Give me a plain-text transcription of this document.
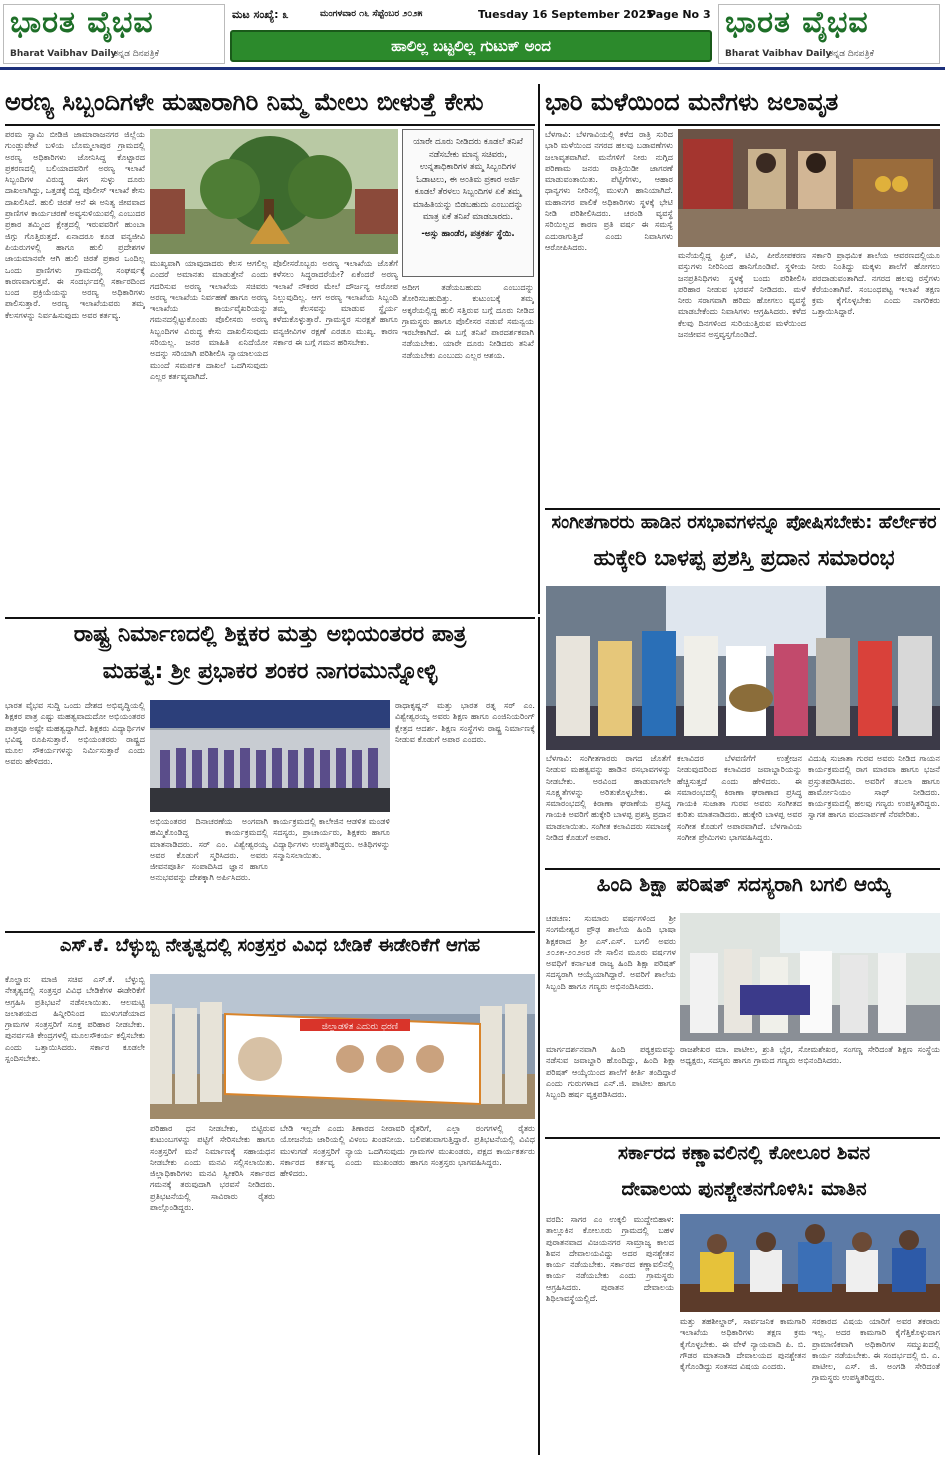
ಭಾರತ ವೈಭವ
Bharat Vaibhav Daily
ಕನ್ನಡ ದಿನಪತ್ರಿಕೆ
ಮಟ ಸಂಖ್ಯೆ: ೩	ಮಂಗಳವಾರ ೧೬ ಸೆಪ್ಟೆಂಬರ ೨೦೨೫	Tuesday 16 September 2025
Page No 3
ಹಾಲಿಲ್ಲ ಬಟ್ಟಲಿಲ್ಲ ಗುಟುಕ್ ಅಂದ
ಭಾರತ ವೈಭವ
Bharat Vaibhav Daily
ಕನ್ನಡ ದಿನಪತ್ರಿಕೆ
ಅರಣ್ಯ ಸಿಬ್ಬಂದಿಗಳೇ ಹುಷಾರಾಗಿರಿ ನಿಮ್ಮ ಮೇಲು ಬೀಳುತ್ತೆ ಕೇಸು
ಪರಮ ಸ್ವಾಮಿ ಬೀಡಿಜಿ ಜಾಮಾರಾಜನಗರ ಜಿಲ್ಲೆಯ ಗುಂಡ್ಲುಪೇಟೆ ಬಳಿಯ ಬೊಮ್ಮಲಾಪುರ ಗ್ರಾಮದಲ್ಲಿ ಅರಣ್ಯ ಅಧಿಕಾರಿಗಳು ಜೋನಿಸಿದ್ದ ಕೊಟ್ಟಾರದ ಪ್ರಕರಣದಲ್ಲಿ ಬಲಿಯಾದವರಿಗೆ ಅರಣ್ಯ ಇಲಾಖೆ ಸಿಬ್ಬಂದಿಗಳ ವಿರುದ್ಧ ಈಗ ಸುಳ್ಳು ದೂರು ದಾಖಲಾಗಿದ್ದು, ಒತ್ತಡಕ್ಕೆ ಬಿದ್ದ ಪೊಲೀಸ್ ಇಲಾಖೆ ಕೇಸು ದಾಖಲಿಸಿದೆ. ಹುಲಿ ಚಿರತೆ ಆನೆ ಈ ಅನಿತ್ಯ ಜೀವವಾದ ಪ್ರಾಣಿಗಳ ಕಾರ್ಯಚರಣೆ ಅವ್ಯಸುಳಿಯುವಲ್ಲಿ ಎಂಬುದರ ಪ್ರಕಾರ ತಮ್ಮಿಂದ ಕ್ಷೇತ್ರದಲ್ಲಿ ಇರುವವರಿಗೆ ಹುಂಬಾ ಜಿಗ್ಗು ಗೊತ್ತಿರುತ್ತದೆ. ಏನಾದರೂ ಕೂಡ ವನ್ಯಜೀವಿ ಪಿಯರುಗಳಲ್ಲಿ ಹಾಗೂ ಹುಲಿ ಪ್ರದೇಶಗಳ ಜಾಯಮಾನವೇ ಆಗಿ ಹುಲಿ ಚಿರತೆ ಪ್ರಕಾರ ಒಂದಿಲ್ಲ ಒಂದು ಪ್ರಾಣಿಗಳು ಗ್ರಾಮದಲ್ಲಿ ಸಂಘರ್ಷಕ್ಕೆ ಕಾರಣವಾಗುತ್ತವೆ. ಈ ಸಂದರ್ಭದಲ್ಲಿ ಸರ್ಕಾರದಿಂದ ಬಂದ ಪ್ರಕ್ರಿಯೆಯನ್ನು ಅರಣ್ಯ ಅಧಿಕಾರಿಗಳು ಪಾಲಿಸುತ್ತಾರೆ. ಅರಣ್ಯ ಇಲಾಖೆಯವರು ತಮ್ಮ ಕೆಲಸಗಳನ್ನು ನಿರ್ವಹಿಸುವುದು ಅವರ ಕರ್ತವ್ಯ.
ಯಾರೇ ದೂರು ನೀಡಿದರು ಕೂಡಲೆ ತನಿಖೆ ನಡೆಸಬೇಕು ಮಾನ್ಯ ಸಚಿವರು, ಉನ್ನತಾಧಿಕಾರಿಗಳ ತಮ್ಮ ಸಿಬ್ಬಂದಿಗಳ ಓಡಾಟಲು, ಈ ಅಂತಿಮ ಪ್ರಕಾರ ಅರ್ಜಿ ಕೂಡಲೆ ತೆರಳಲು ಸಿಬ್ಬಂದಿಗಳ ಏಕೆ ತಮ್ಮ ಮಾಹಿತಿಯನ್ನು ಬಿಡಬಹುದು ಎಂಬುದನ್ನು ಮಾತ್ರ ಏಕೆ ತನಿಖೆ ಮಾಡಬಾರದು.
-ಅಸ್ಸು ಹಾಂಡೆರ, ಪತ್ರಕರ್ತ ಸ್ಥೆಯಿ.
ಮುಖ್ಯವಾಗಿ ಯಾವುದಾದರು ಕೆಲಸ ಆಗಲಿಲ್ಲ ಎಂದರೆ ಅಮಾನತು ಮಾಡುತ್ತೇನೆ ಎಂದು ಗದರಿಸುವ ಅರಣ್ಯ ಇಲಾಖೆಯ ಸಚಿವರು ಅರಣ್ಯ ಇಲಾಖೆಯ ನಿರ್ವಹಣೆ ಹಾಗೂ ಅರಣ್ಯ ಇಲಾಖೆಯ ಕಾರ್ಯವೈಖರಿಯನ್ನು ಗಮನದಲ್ಲಿಟ್ಟುಕೊಂಡು ಪೊಲೀಸರು ಅರಣ್ಯ ಸಿಬ್ಬಂದಿಗಳ ವಿರುದ್ಧ ಕೇಸು ದಾಖಲಿಸುವುದು ಸರಿಯಲ್ಲ. ಜನರ ಮಾಹಿತಿ ಏನಿದೆಯೋ ಅದನ್ನು ಸರಿಯಾಗಿ ಪರಿಶೀಲಿಸಿ ನ್ಯಾಯಾಲಯದ ಮುಂದೆ ಸಮರ್ಪಕ ದಾಖಲೆ ಒದಗಿಸುವುದು ಎಲ್ಲರ ಕರ್ತವ್ಯವಾಗಿದೆ.
ಪೊಲೀಸರೊಬ್ಬರು ಅರಣ್ಯ ಇಲಾಖೆಯ ಜೊತೆಗೆ ಕಳೆಸಲು ಸಿದ್ಧರಾದರೆಯೇ? ಏಕೆಂದರೆ ಅರಣ್ಯ ಇಲಾಖೆ ನೌಕರರ ಮೇಲೆ ದೌರ್ಜನ್ಯ ಆರೋಪ ನಿಲ್ಲುವುದಿಲ್ಲ. ಆಗ ಅರಣ್ಯ ಇಲಾಖೆಯ ಸಿಬ್ಬಂದಿ ತಮ್ಮ ಕೆಲಸವನ್ನು ಮಾಡುವ ಸ್ಥೈರ್ಯ ಕಳೆದುಕೊಳ್ಳುತ್ತಾರೆ. ಗ್ರಾಮಸ್ಥರ ಸುರಕ್ಷತೆ ಹಾಗೂ ವನ್ಯಜೀವಿಗಳ ರಕ್ಷಣೆ ಎರಡೂ ಮುಖ್ಯ. ಕಾರಣ ಸರ್ಕಾರ ಈ ಬಗ್ಗೆ ಗಮನ ಹರಿಸಬೇಕು.
ಅದೀಗ ತಡೆಯಬಹುದು ಎಂಬುದನ್ನು ತೋರಿಸಬಹುದಿತ್ತು. ಕುಟುಂಬಕ್ಕೆ ತಮ್ಮ ಅಕ್ಕರೆಯಲ್ಲಿದ್ದ ಹುಲಿ ಸತ್ತಿರುವ ಬಗ್ಗೆ ದೂರು ನೀಡಿದ ಗ್ರಾಮಸ್ಥರು ಹಾಗೂ ಪೊಲೀಸರ ನಡುವೆ ಸಮನ್ವಯ ಇರಬೇಕಾಗಿದೆ. ಈ ಬಗ್ಗೆ ತನಿಖೆ ಪಾರದರ್ಶಕವಾಗಿ ನಡೆಯಬೇಕು. ಯಾರೇ ದೂರು ನೀಡಿದರು ತನಿಖೆ ನಡೆಯಬೇಕು ಎಂಬುದು ಎಲ್ಲರ ಆಶಯ.
ಭಾರಿ ಮಳೆಯಿಂದ ಮನೆಗಳು ಜಲಾವೃತ
ಬೆಳಗಾವಿ: ಬೆಳಗಾವಿಯಲ್ಲಿ ಕಳೆದ ರಾತ್ರಿ ಸುರಿದ ಭಾರಿ ಮಳೆಯಿಂದ ನಗರದ ಹಲವು ಬಡಾವಣೆಗಳು ಜಲಾವೃತವಾಗಿವೆ. ಮನೆಗಳಿಗೆ ನೀರು ನುಗ್ಗಿದ ಪರಿಣಾಮ ಜನರು ರಾತ್ರಿಯಿಡೀ ಜಾಗರಣೆ ಮಾಡುವಂತಾಯಿತು. ಪೆಟ್ಟಿಗೆಗಳು, ಆಹಾರ ಧಾನ್ಯಗಳು ನೀರಿನಲ್ಲಿ ಮುಳುಗಿ ಹಾನಿಯಾಗಿದೆ. ಮಹಾನಗರ ಪಾಲಿಕೆ ಅಧಿಕಾರಿಗಳು ಸ್ಥಳಕ್ಕೆ ಭೇಟಿ ನೀಡಿ ಪರಿಶೀಲಿಸಿದರು. ಚರಂಡಿ ವ್ಯವಸ್ಥೆ ಸರಿಯಿಲ್ಲದ ಕಾರಣ ಪ್ರತಿ ವರ್ಷ ಈ ಸಮಸ್ಯೆ ಎದುರಾಗುತ್ತಿದೆ ಎಂದು ನಿವಾಸಿಗಳು ಆರೋಪಿಸಿದರು.
ಮನೆಯಲ್ಲಿದ್ದ ಫ್ರಿಜ್, ಟಿವಿ, ಪೀಠೋಪಕರಣ ವಸ್ತುಗಳು ನೀರಿನಿಂದ ಹಾನಿಗೊಂಡಿವೆ. ಸ್ಥಳೀಯ ಜನಪ್ರತಿನಿಧಿಗಳು ಸ್ಥಳಕ್ಕೆ ಬಂದು ಪರಿಶೀಲಿಸಿ ಪರಿಹಾರ ನೀಡುವ ಭರವಸೆ ನೀಡಿದರು. ಮಳೆ ನೀರು ಸರಾಗವಾಗಿ ಹರಿದು ಹೋಗಲು ವ್ಯವಸ್ಥೆ ಮಾಡಬೇಕೆಂದು ನಿವಾಸಿಗಳು ಆಗ್ರಹಿಸಿದರು. ಕಳೆದ ಕೆಲವು ದಿನಗಳಿಂದ ಸುರಿಯುತ್ತಿರುವ ಮಳೆಯಿಂದ ಜನಜೀವನ ಅಸ್ತವ್ಯಸ್ತಗೊಂಡಿದೆ.
ಸರ್ಕಾರಿ ಪ್ರಾಥಮಿಕ ಶಾಲೆಯ ಆವರಣದಲ್ಲಿಯೂ ನೀರು ನಿಂತಿದ್ದು ಮಕ್ಕಳು ಶಾಲೆಗೆ ಹೋಗಲು ಪರದಾಡುವಂತಾಗಿದೆ. ನಗರದ ಹಲವು ರಸ್ತೆಗಳು ಕೆರೆಯಂತಾಗಿವೆ. ಸಂಬಂಧಪಟ್ಟ ಇಲಾಖೆ ತಕ್ಷಣ ಕ್ರಮ ಕೈಗೊಳ್ಳಬೇಕು ಎಂದು ನಾಗರಿಕರು ಒತ್ತಾಯಿಸಿದ್ದಾರೆ.
ಸಂಗೀತಗಾರರು ಹಾಡಿನ ರಸಭಾವಗಳನ್ನೂ ಪೋಷಿಸಬೇಕು: ಹೆರ್ಲೇಕರ
ಹುಕ್ಕೇರಿ ಬಾಳಪ್ಪ ಪ್ರಶಸ್ತಿ ಪ್ರದಾನ ಸಮಾರಂಭ
ಬೆಳಗಾವಿ: ಸಂಗೀತಗಾರರು ರಾಗದ ಜೊತೆಗೆ ನೀಡುವ ಮಹತ್ವವನ್ನು ಹಾಡಿನ ರಸಭಾವಗಳನ್ನು ನೀಡಬೇಕು. ಅರವಿಂದ ಹಾಡುವಾಗಲೇ ಸೂಕ್ಷ್ಮತೆಗಳನ್ನು ಅರಿತುಕೊಳ್ಳಬೇಕು. ಈ ಸಮಾರಂಭದಲ್ಲಿ ಕಿರಾಣಾ ಘರಾಣೆಯ ಪ್ರಸಿದ್ಧ ಗಾಯಕಿ ಅವರಿಗೆ ಹುಕ್ಕೇರಿ ಬಾಳಪ್ಪ ಪ್ರಶಸ್ತಿ ಪ್ರದಾನ ಮಾಡಲಾಯಿತು. ಸಂಗೀತ ಕಲಾವಿದರು ಸಮಾಜಕ್ಕೆ ನೀಡಿದ ಕೊಡುಗೆ ಅಪಾರ.
ಕಲಾವಿದರ ಬೆಳವಣಿಗೆಗೆ ಉತ್ತೇಜನ ನೀಡುವುದರಿಂದ ಕಲಾವಿದರ ಜವಾಬ್ದಾರಿಯನ್ನು ಹೆಚ್ಚಿಸುತ್ತದೆ ಎಂದು ಹೇಳಿದರು. ಈ ಸಮಾರಂಭದಲ್ಲಿ ಕಿರಾಣಾ ಘರಾಣಾದ ಪ್ರಸಿದ್ಧ ಗಾಯಕಿ ಸುಜಾತಾ ಗುರವ ಅವರು ಸಂಗೀತದ ಕುರಿತು ಮಾತನಾಡಿದರು. ಹುಕ್ಕೇರಿ ಬಾಳಪ್ಪ ಅವರ ಸಂಗೀತ ಕೊಡುಗೆ ಅಪಾರವಾಗಿದೆ. ಬೆಳಗಾವಿಯ ಸಂಗೀತ ಪ್ರೇಮಿಗಳು ಭಾಗವಹಿಸಿದ್ದರು.
ವಿದುಷಿ ಸುಜಾತಾ ಗುರವ ಅವರು ನೀಡಿದ ಗಾಯನ ಕಾರ್ಯಕ್ರಮದಲ್ಲಿ ರಾಗ ಮಾರವಾ ಹಾಗೂ ಭಜನೆ ಪ್ರಸ್ತುತಪಡಿಸಿದರು. ಅವರಿಗೆ ತಬಲಾ ಹಾಗೂ ಹಾರ್ಮೋನಿಯಂ ಸಾಥ್ ನೀಡಿದರು. ಕಾರ್ಯಕ್ರಮದಲ್ಲಿ ಹಲವು ಗಣ್ಯರು ಉಪಸ್ಥಿತರಿದ್ದರು. ಸ್ವಾಗತ ಹಾಗೂ ವಂದನಾರ್ಪಣೆ ನೆರವೇರಿತು.
ರಾಷ್ಟ್ರ ನಿರ್ಮಾಣದಲ್ಲಿ ಶಿಕ್ಷಕರ ಮತ್ತು ಅಭಿಯಂತರರ ಪಾತ್ರ
ಮಹತ್ವ: ಶ್ರೀ ಪ್ರಭಾಕರ ಶಂಕರ ನಾಗರಮುನ್ನೋಳ್ಳಿ
ಭಾರತ ವೈಭವ ಸುದ್ದಿ ಒಂದು ದೇಶದ ಅಭಿವೃದ್ಧಿಯಲ್ಲಿ ಶಿಕ್ಷಕರ ಪಾತ್ರ ಎಷ್ಟು ಮಹತ್ವವಾದುದೋ ಅಭಿಯಂತರರ ಪಾತ್ರವೂ ಅಷ್ಟೇ ಮಹತ್ವದ್ದಾಗಿದೆ. ಶಿಕ್ಷಕರು ವಿದ್ಯಾರ್ಥಿಗಳ ಭವಿಷ್ಯ ರೂಪಿಸುತ್ತಾರೆ. ಅಭಿಯಂತರರು ರಾಷ್ಟ್ರದ ಮೂಲ ಸೌಕರ್ಯಗಳನ್ನು ನಿರ್ಮಿಸುತ್ತಾರೆ ಎಂದು ಅವರು ಹೇಳಿದರು.
ರಾಧಾಕೃಷ್ಣನ್ ಮತ್ತು ಭಾರತ ರತ್ನ ಸರ್ ಎಂ. ವಿಶ್ವೇಶ್ವರಯ್ಯ ಅವರು ಶಿಕ್ಷಣ ಹಾಗೂ ಎಂಜಿನಿಯರಿಂಗ್ ಕ್ಷೇತ್ರದ ಆದರ್ಶ. ಶಿಕ್ಷಣ ಸಂಸ್ಥೆಗಳು ರಾಷ್ಟ್ರ ನಿರ್ಮಾಣಕ್ಕೆ ನೀಡುವ ಕೊಡುಗೆ ಅಪಾರ ಎಂದರು.
ಅಭಿಯಂತರರ ದಿನಾಚರಣೆಯ ಅಂಗವಾಗಿ ಹಮ್ಮಿಕೊಂಡಿದ್ದ ಕಾರ್ಯಕ್ರಮದಲ್ಲಿ ಮಾತನಾಡಿದರು. ಸರ್ ಎಂ. ವಿಶ್ವೇಶ್ವರಯ್ಯ ಅವರ ಕೊಡುಗೆ ಸ್ಮರಿಸಿದರು. ಅವರು ಜೀವನಪೂರ್ತಿ ಸಂಪಾದಿಸಿದ ಜ್ಞಾನ ಹಾಗೂ ಅನುಭವವನ್ನು ದೇಶಕ್ಕಾಗಿ ಅರ್ಪಿಸಿದರು.
ಕಾರ್ಯಕ್ರಮದಲ್ಲಿ ಕಾಲೇಜಿನ ಆಡಳಿತ ಮಂಡಳಿ ಸದಸ್ಯರು, ಪ್ರಾಚಾರ್ಯರು, ಶಿಕ್ಷಕರು ಹಾಗೂ ವಿದ್ಯಾರ್ಥಿಗಳು ಉಪಸ್ಥಿತರಿದ್ದರು. ಅತಿಥಿಗಳನ್ನು ಸನ್ಮಾನಿಸಲಾಯಿತು.
ಹಿಂದಿ ಶಿಕ್ಷಾ ಪರಿಷತ್ ಸದಸ್ಯರಾಗಿ ಬಗಲಿ ಆಯ್ಕೆ
ಚಡಚಣ: ಸುಮಾರು ವರ್ಷಗಳಿಂದ ಶ್ರೀ ಸಂಗಮೇಶ್ವರ ಪ್ರೌಢ ಶಾಲೆಯ ಹಿಂದಿ ಭಾಷಾ ಶಿಕ್ಷಕರಾದ ಶ್ರೀ ಎಸ್.ಎಸ್. ಬಗಲಿ ಅವರು ೨೦೨೫-೨೦೨೮ರ ನೇ ಸಾಲಿನ ಮೂರು ವರ್ಷಗಳ ಅವಧಿಗೆ ಕರ್ನಾಟಕ ರಾಜ್ಯ ಹಿಂದಿ ಶಿಕ್ಷಾ ಪರಿಷತ್ ಸದಸ್ಯರಾಗಿ ಆಯ್ಕೆಯಾಗಿದ್ದಾರೆ. ಅವರಿಗೆ ಶಾಲೆಯ ಸಿಬ್ಬಂದಿ ಹಾಗೂ ಗಣ್ಯರು ಅಭಿನಂದಿಸಿದರು.
ಮಾರ್ಗದರ್ಶನವಾಗಿ ಹಿಂದಿ ಪಠ್ಯಕ್ರಮವನ್ನು ನಡೆಸುವ ಜವಾಬ್ದಾರಿ ಹೊಂದಿದ್ದು, ಹಿಂದಿ ಶಿಕ್ಷಾ ಪರಿಷತ್ ಆಯ್ಕೆಯಿಂದ ಶಾಲೆಗೆ ಕೀರ್ತಿ ತಂದಿದ್ದಾರೆ ಎಂದು ಗುರುಗಳಾದ ಎನ್.ಜಿ. ಪಾಟೀಲ ಹಾಗೂ ಸಿಬ್ಬಂದಿ ಹರ್ಷ ವ್ಯಕ್ತಪಡಿಸಿದರು.
ರಾಜಶೇಖರ ಮಾ. ಪಾಟೀಲ, ಶ್ರುತಿ ಭೈರ, ಸೋಮಶೇಖರ, ಸಂಗಣ್ಣ ಸೇರಿದಂತೆ ಶಿಕ್ಷಣ ಸಂಸ್ಥೆಯ ಅಧ್ಯಕ್ಷರು, ಸದಸ್ಯರು ಹಾಗೂ ಗ್ರಾಮದ ಗಣ್ಯರು ಅಭಿನಂದಿಸಿದರು.
ಎಸ್.ಕೆ. ಬೆಳ್ಳುಬ್ಬಿ ನೇತೃತ್ವದಲ್ಲಿ ಸಂತ್ರಸ್ತರ ವಿವಿಧ ಬೇಡಿಕೆ ಈಡೇರಿಕೆಗೆ ಆಗಹ
ಕೊಲ್ಹಾರ: ಮಾಜಿ ಸಚಿವ ಎಸ್.ಕೆ. ಬೆಳ್ಳುಬ್ಬಿ ನೇತೃತ್ವದಲ್ಲಿ ಸಂತ್ರಸ್ತರ ವಿವಿಧ ಬೇಡಿಕೆಗಳ ಈಡೇರಿಕೆಗೆ ಆಗ್ರಹಿಸಿ ಪ್ರತಿಭಟನೆ ನಡೆಸಲಾಯಿತು. ಆಲಮಟ್ಟಿ ಜಲಾಶಯದ ಹಿನ್ನೀರಿನಿಂದ ಮುಳುಗಡೆಯಾದ ಗ್ರಾಮಗಳ ಸಂತ್ರಸ್ತರಿಗೆ ಸೂಕ್ತ ಪರಿಹಾರ ನೀಡಬೇಕು. ಪುನರ್ವಸತಿ ಕೇಂದ್ರಗಳಲ್ಲಿ ಮೂಲಸೌಕರ್ಯ ಕಲ್ಪಿಸಬೇಕು ಎಂದು ಒತ್ತಾಯಿಸಿದರು. ಸರ್ಕಾರ ಕೂಡಲೇ ಸ್ಪಂದಿಸಬೇಕು.
ಜಿಲ್ಲಾಡಳಿತ ಎದುರು ಧರಣಿ
ಪರಿಹಾರ ಧನ ನೀಡಬೇಕು, ಬಿಟ್ಟಿರುವ ಕುಟುಂಬಗಳನ್ನು ಪಟ್ಟಿಗೆ ಸೇರಿಸಬೇಕು ಹಾಗೂ ಸಂತ್ರಸ್ತರಿಗೆ ಮನೆ ನಿರ್ಮಾಣಕ್ಕೆ ಸಹಾಯಧನ ನೀಡಬೇಕು ಎಂದು ಮನವಿ ಸಲ್ಲಿಸಲಾಯಿತು. ಜಿಲ್ಲಾಧಿಕಾರಿಗಳು ಮನವಿ ಸ್ವೀಕರಿಸಿ ಸರ್ಕಾರದ ಗಮನಕ್ಕೆ ತರುವುದಾಗಿ ಭರವಸೆ ನೀಡಿದರು. ಪ್ರತಿಭಟನೆಯಲ್ಲಿ ಸಾವಿರಾರು ರೈತರು ಪಾಲ್ಗೊಂಡಿದ್ದರು.
ಬೇಡಿ ಇಲ್ಲದೇ ಎಂದು ತಿಣಾರದ ನೀರಾವರಿ ಯೋಜನೆಯ ಜಾರಿಯಲ್ಲಿ ವಿಳಂಬ ಖಂಡನೀಯ. ಮುಳುಗಡೆ ಸಂತ್ರಸ್ತರಿಗೆ ನ್ಯಾಯ ಒದಗಿಸುವುದು ಸರ್ಕಾರದ ಕರ್ತವ್ಯ ಎಂದು ಮುಖಂಡರು ಹೇಳಿದರು.
ರೈತರಿಗೆ, ಎಲ್ಲಾ ರಂಗಗಳಲ್ಲಿ ರೈತರು ಬಲಿಪಶುವಾಗುತ್ತಿದ್ದಾರೆ. ಪ್ರತಿಭಟನೆಯಲ್ಲಿ ವಿವಿಧ ಗ್ರಾಮಗಳ ಮುಖಂಡರು, ಪಕ್ಷದ ಕಾರ್ಯಕರ್ತರು ಹಾಗೂ ಸಂತ್ರಸ್ತರು ಭಾಗವಹಿಸಿದ್ದರು.	ಸರ್ಕಾರದ ಕಣ್ಣಾವಲಿನಲ್ಲಿ ಕೋಲೂರ ಶಿವನ
ದೇವಾಲಯ ಪುನಶ್ಚೇತನಗೊಳಿಸಿ: ಮಾತಿನ
ವರದಿ: ಸಾಗರ ಎಂ ಉಕ್ಕಲಿ ಮುದ್ದೇಬಿಹಾಳ: ತಾಲ್ಲೂಕಿನ ಕೋಲೂರು ಗ್ರಾಮದಲ್ಲಿ ಬಹಳ ಪುರಾತನವಾದ ವಿಜಯನಗರ ಸಾಮ್ರಾಜ್ಯ ಕಾಲದ ಶಿವನ ದೇವಾಲಯವಿದ್ದು ಅದರ ಪುನಶ್ಚೇತನ ಕಾರ್ಯ ನಡೆಯಬೇಕು. ಸರ್ಕಾರದ ಕಣ್ಣಾವಲಿನಲ್ಲಿ ಕಾರ್ಯ ನಡೆಯಬೇಕು ಎಂದು ಗ್ರಾಮಸ್ಥರು ಆಗ್ರಹಿಸಿದರು. ಪುರಾತನ ದೇವಾಲಯ ಶಿಥಿಲಾವಸ್ಥೆಯಲ್ಲಿದೆ.
ಮತ್ತು ತಹಶೀಲ್ದಾರ್, ಸಾರ್ವಜನಿಕ ಕಾಮಗಾರಿ ಇಲಾಖೆಯ ಅಧಿಕಾರಿಗಳು ತಕ್ಷಣ ಕ್ರಮ ಕೈಗೊಳ್ಳಬೇಕು. ಈ ವೇಳೆ ನ್ಯಾಯವಾದಿ ಪಿ. ಬಿ. ಗೌಡರ ಮಾತನಾಡಿ ದೇವಾಲಯದ ಪುನಶ್ಚೇತನ ಕೈಗೊಂಡಿದ್ದು ಸಂತಸದ ವಿಷಯ ಎಂದರು.
ಸರಕಾರದ ವಿಷಯ ಯಾರಿಗೆ ಅವರ ತಕರಾರು ಇಲ್ಲ. ಅದರ ಕಾಮಗಾರಿ ಕೈಗೆತ್ತಿಕೊಳ್ಳುವಾಗ ಪ್ರಾಮಾಣಿಕವಾಗಿ ಅಧಿಕಾರಿಗಳ ಸಮ್ಮುಖದಲ್ಲಿ ಕಾರ್ಯ ನಡೆಯಬೇಕು. ಈ ಸಂದರ್ಭದಲ್ಲಿ ಬಿ. ಎ. ಪಾಟೀಲ, ಎಸ್. ಜಿ. ಅಂಗಡಿ ಸೇರಿದಂತೆ ಗ್ರಾಮಸ್ಥರು ಉಪಸ್ಥಿತರಿದ್ದರು.
